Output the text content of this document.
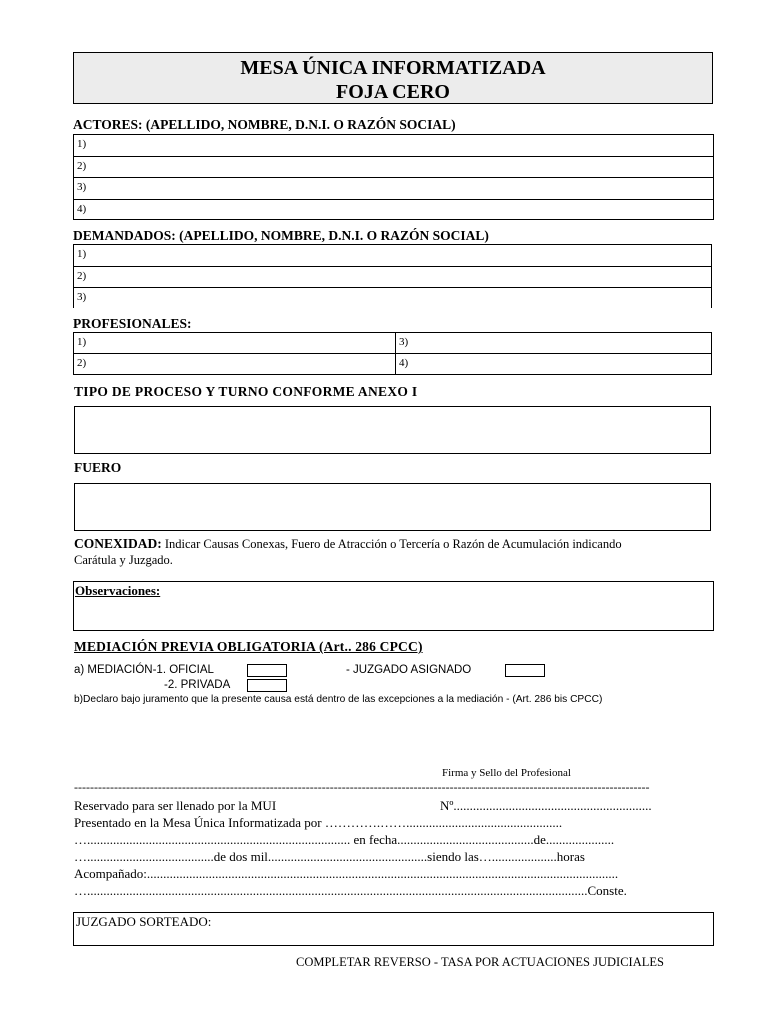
MESA ÚNICA INFORMATIZADA
FOJA CERO
ACTORES: (APELLIDO, NOMBRE, D.N.I. O RAZÓN SOCIAL)
1)
2)
3)
4)
DEMANDADOS: (APELLIDO, NOMBRE, D.N.I. O RAZÓN SOCIAL)
1)
2)
3)
PROFESIONALES:
1)	3)
2)	4)
TIPO DE PROCESO Y TURNO CONFORME ANEXO I
FUERO
CONEXIDAD: Indicar Causas Conexas, Fuero de Atracción o Tercería o Razón de Acumulación indicando
Carátula y Juzgado.
Observaciones:
MEDIACIÓN PREVIA OBLIGATORIA (Art.. 286 CPCC)
a) MEDIACIÓN-1. OFICIAL	- JUZGADO ASIGNADO
-2. PRIVADA
b)Declaro bajo juramento que la presente causa está dentro de las excepciones a la mediación - (Art. 286 bis CPCC)
Firma y Sello del Profesional
------------------------------------------------------------------------------------------------------------------------------------------------
Reservado para ser llenado por la MUI	Nº.............................................................
Presentado en la Mesa Única Informatizada por ………….……................................................
…................................................................................. en fecha..........................................de.....................
….......................................de dos mil.................................................siendo las…....................horas
Acompañado:.................................................................................................................................................
…..........................................................................................................................................................Conste.
JUZGADO SORTEADO:
COMPLETAR REVERSO - TASA POR ACTUACIONES JUDICIALES
